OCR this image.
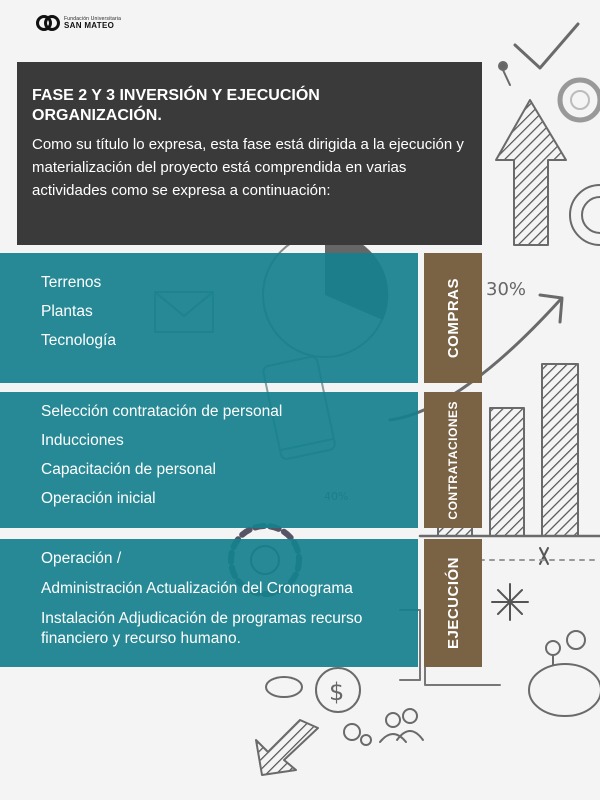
30%
$
Fundación Universitaria
SAN MATEO

FASE 2 Y 3 INVERSIÓN Y EJECUCIÓN ORGANIZACIÓN.

Como su título lo expresa, esta fase está dirigida a la ejecución y materialización del proyecto está comprendida en varias actividades como se expresa a continuación:

Terrenos
Plantas
Tecnología	COMPRAS
Selección contratación de personal
Inducciones
Capacitación de personal
Operación inicial	CONTRATACIONES
Operación /
Administración Actualización del Cronograma
Instalación Adjudicación de programas recurso financiero y recurso humano.	EJECUCIÓN
